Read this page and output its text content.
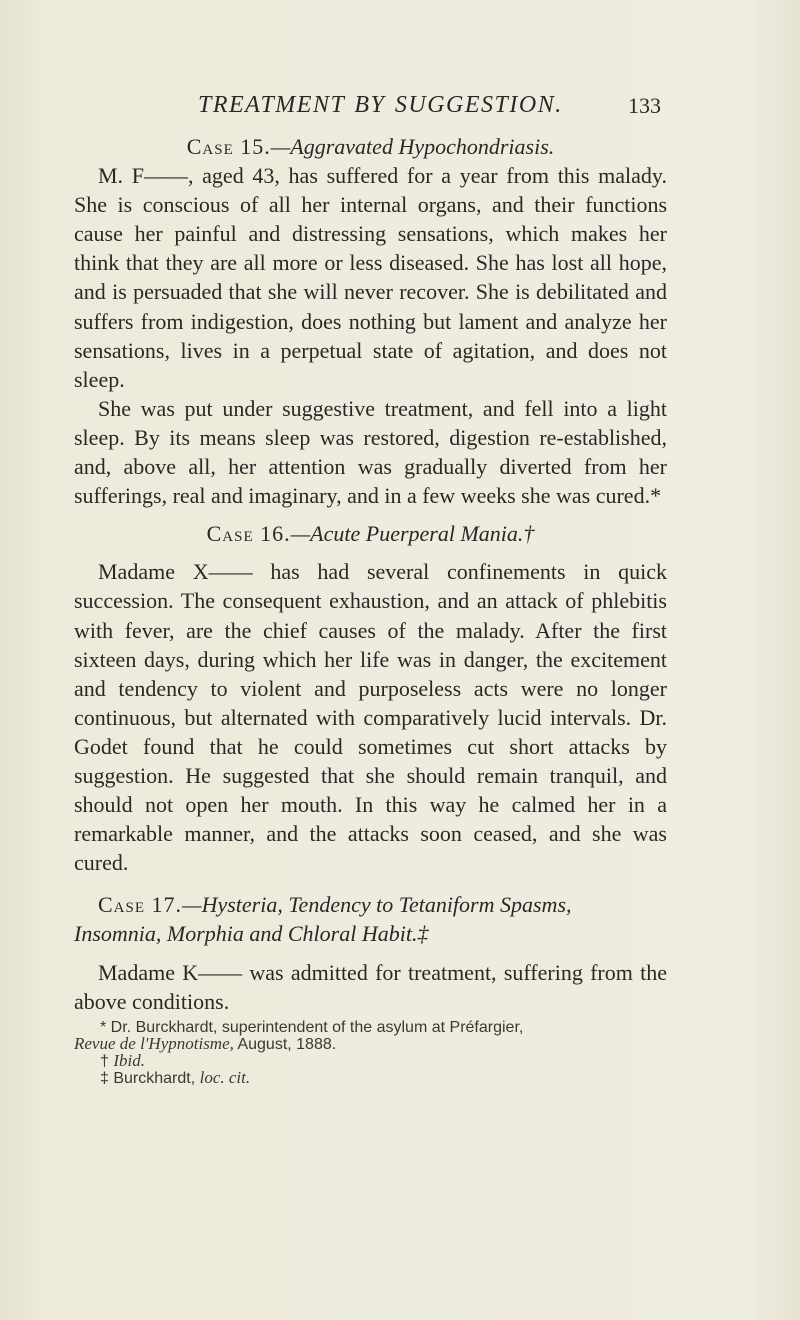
TREATMENT BY SUGGESTION.	133

Case 15.—Aggravated Hypochondriasis.

M. F——, aged 43, has suffered for a year from this malady. She is conscious of all her internal organs, and their functions cause her painful and distressing sensations, which makes her think that they are all more or less diseased. She has lost all hope, and is persuaded that she will never recover. She is debilitated and suffers from indigestion, does nothing but lament and analyze her sensations, lives in a perpetual state of agitation, and does not sleep.

She was put under suggestive treatment, and fell into a light sleep. By its means sleep was restored, digestion re-established, and, above all, her attention was gradually diverted from her sufferings, real and imaginary, and in a few weeks she was cured.*

Case 16.—Acute Puerperal Mania.†

Madame X—— has had several confinements in quick succession. The consequent exhaustion, and an attack of phlebitis with fever, are the chief causes of the malady. After the first sixteen days, during which her life was in danger, the excitement and tendency to violent and purposeless acts were no longer continuous, but alternated with comparatively lucid intervals. Dr. Godet found that he could sometimes cut short attacks by suggestion. He suggested that she should remain tranquil, and should not open her mouth. In this way he calmed her in a remarkable manner, and the attacks soon ceased, and she was cured.

Case 17.—Hysteria, Tendency to Tetaniform Spasms,

Insomnia, Morphia and Chloral Habit.‡

Madame K—— was admitted for treatment, suffering from the above conditions.

* Dr. Burckhardt, superintendent of the asylum at Préfargier,

Revue de l'Hypnotisme, August, 1888.

† Ibid.

‡ Burckhardt, loc. cit.
